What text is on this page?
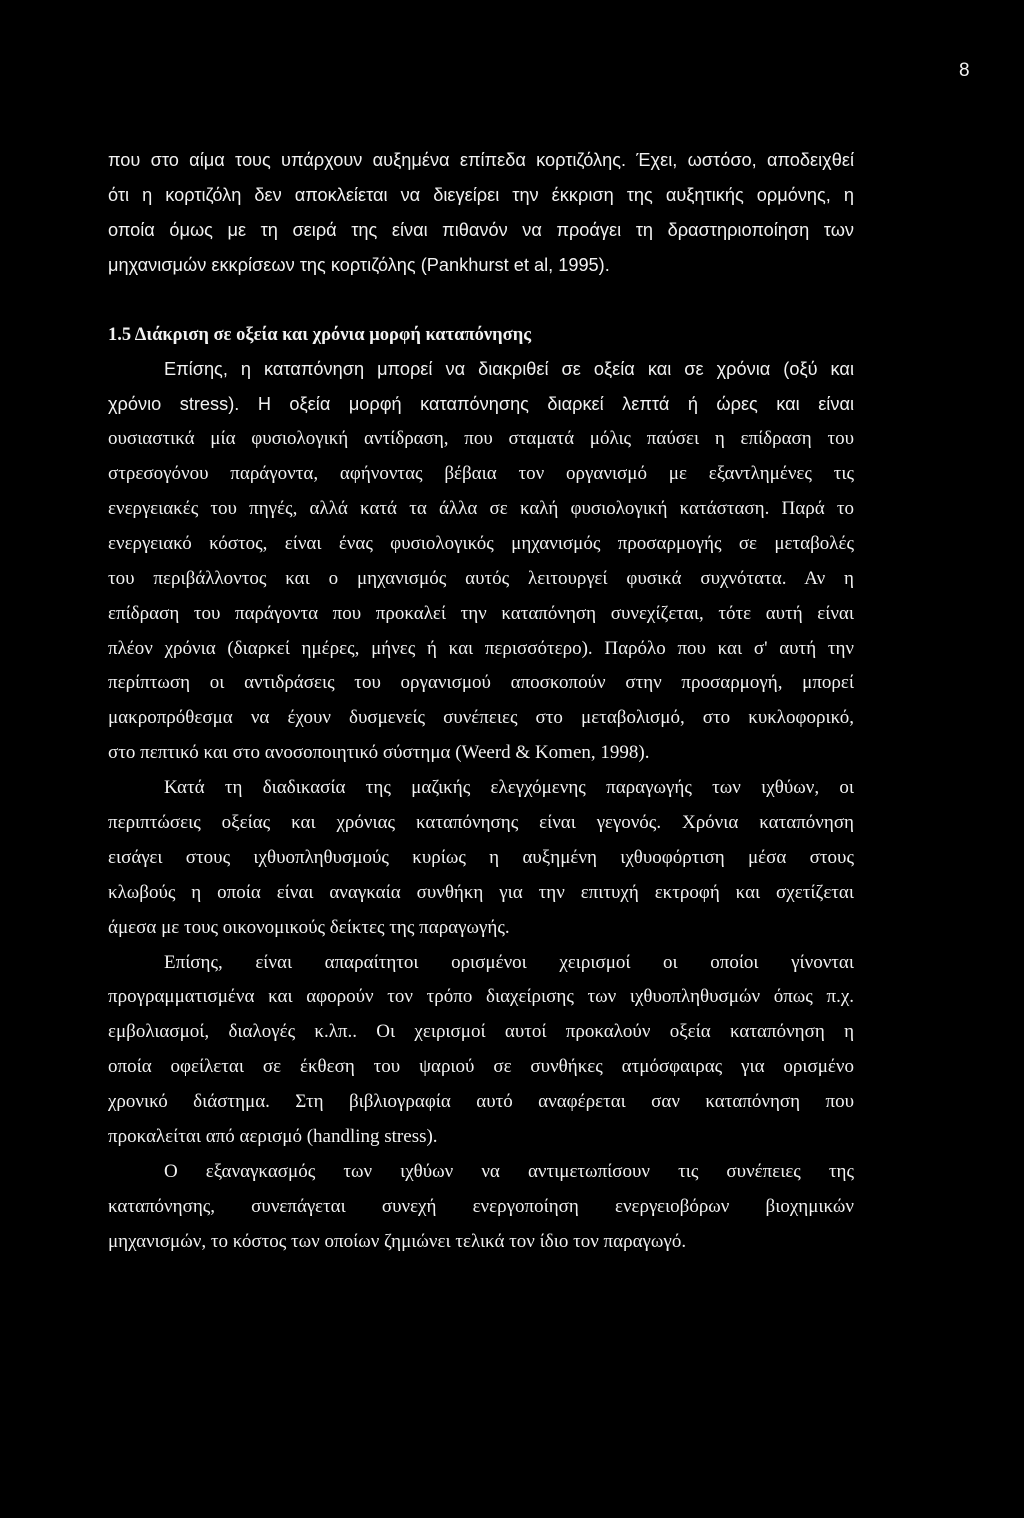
8
που στο αίμα τους υπάρχουν αυξημένα επίπεδα κορτιζόλης. Έχει, ωστόσο, αποδειχθεί
ότι η κορτιζόλη δεν αποκλείεται να διεγείρει την έκκριση της αυξητικής ορμόνης, η
οποία όμως με τη σειρά της είναι πιθανόν να προάγει τη δραστηριοποίηση των
μηχανισμών εκκρίσεων της κορτιζόλης (Pankhurst et al, 1995).
1.5 Διάκριση σε οξεία και χρόνια μορφή καταπόνησης
Επίσης, η καταπόνηση μπορεί να διακριθεί σε οξεία και σε χρόνια (οξύ και
χρόνιο stress). Η οξεία μορφή καταπόνησης διαρκεί λεπτά ή ώρες και είναι
ουσιαστικά μία φυσιολογική αντίδραση, που σταματά μόλις παύσει η επίδραση του
στρεσογόνου παράγοντα, αφήνοντας βέβαια τον οργανισμό με εξαντλημένες τις
ενεργειακές του πηγές, αλλά κατά τα άλλα σε καλή φυσιολογική κατάσταση. Παρά το
ενεργειακό κόστος, είναι ένας φυσιολογικός μηχανισμός προσαρμογής σε μεταβολές
του περιβάλλοντος και ο μηχανισμός αυτός λειτουργεί φυσικά συχνότατα. Αν η
επίδραση του παράγοντα που προκαλεί την καταπόνηση συνεχίζεται, τότε αυτή είναι
πλέον χρόνια (διαρκεί ημέρες, μήνες ή και περισσότερο). Παρόλο που και σ' αυτή την
περίπτωση οι αντιδράσεις του οργανισμού αποσκοπούν στην προσαρμογή, μπορεί
μακροπρόθεσμα να έχουν δυσμενείς συνέπειες στο μεταβολισμό, στο κυκλοφορικό,
στο πεπτικό και στο ανοσοποιητικό σύστημα (Weerd & Komen, 1998).
Κατά τη διαδικασία της μαζικής ελεγχόμενης παραγωγής των ιχθύων, οι
περιπτώσεις οξείας και χρόνιας καταπόνησης είναι γεγονός. Χρόνια καταπόνηση
εισάγει στους ιχθυοπληθυσμούς κυρίως η αυξημένη ιχθυοφόρτιση μέσα στους
κλωβούς η οποία είναι αναγκαία συνθήκη για την επιτυχή εκτροφή και σχετίζεται
άμεσα με τους οικονομικούς δείκτες της παραγωγής.
Επίσης, είναι απαραίτητοι ορισμένοι χειρισμοί οι οποίοι γίνονται
προγραμματισμένα και αφορούν τον τρόπο διαχείρισης των ιχθυοπληθυσμών όπως π.χ.
εμβολιασμοί, διαλογές κ.λπ.. Οι χειρισμοί αυτοί προκαλούν οξεία καταπόνηση η
οποία οφείλεται σε έκθεση του ψαριού σε συνθήκες ατμόσφαιρας για ορισμένο
χρονικό διάστημα. Στη βιβλιογραφία αυτό αναφέρεται σαν καταπόνηση που
προκαλείται από αερισμό (handling stress).
Ο εξαναγκασμός των ιχθύων να αντιμετωπίσουν τις συνέπειες της
καταπόνησης, συνεπάγεται συνεχή ενεργοποίηση ενεργειοβόρων βιοχημικών
μηχανισμών, το κόστος των οποίων ζημιώνει τελικά τον ίδιο τον παραγωγό.
